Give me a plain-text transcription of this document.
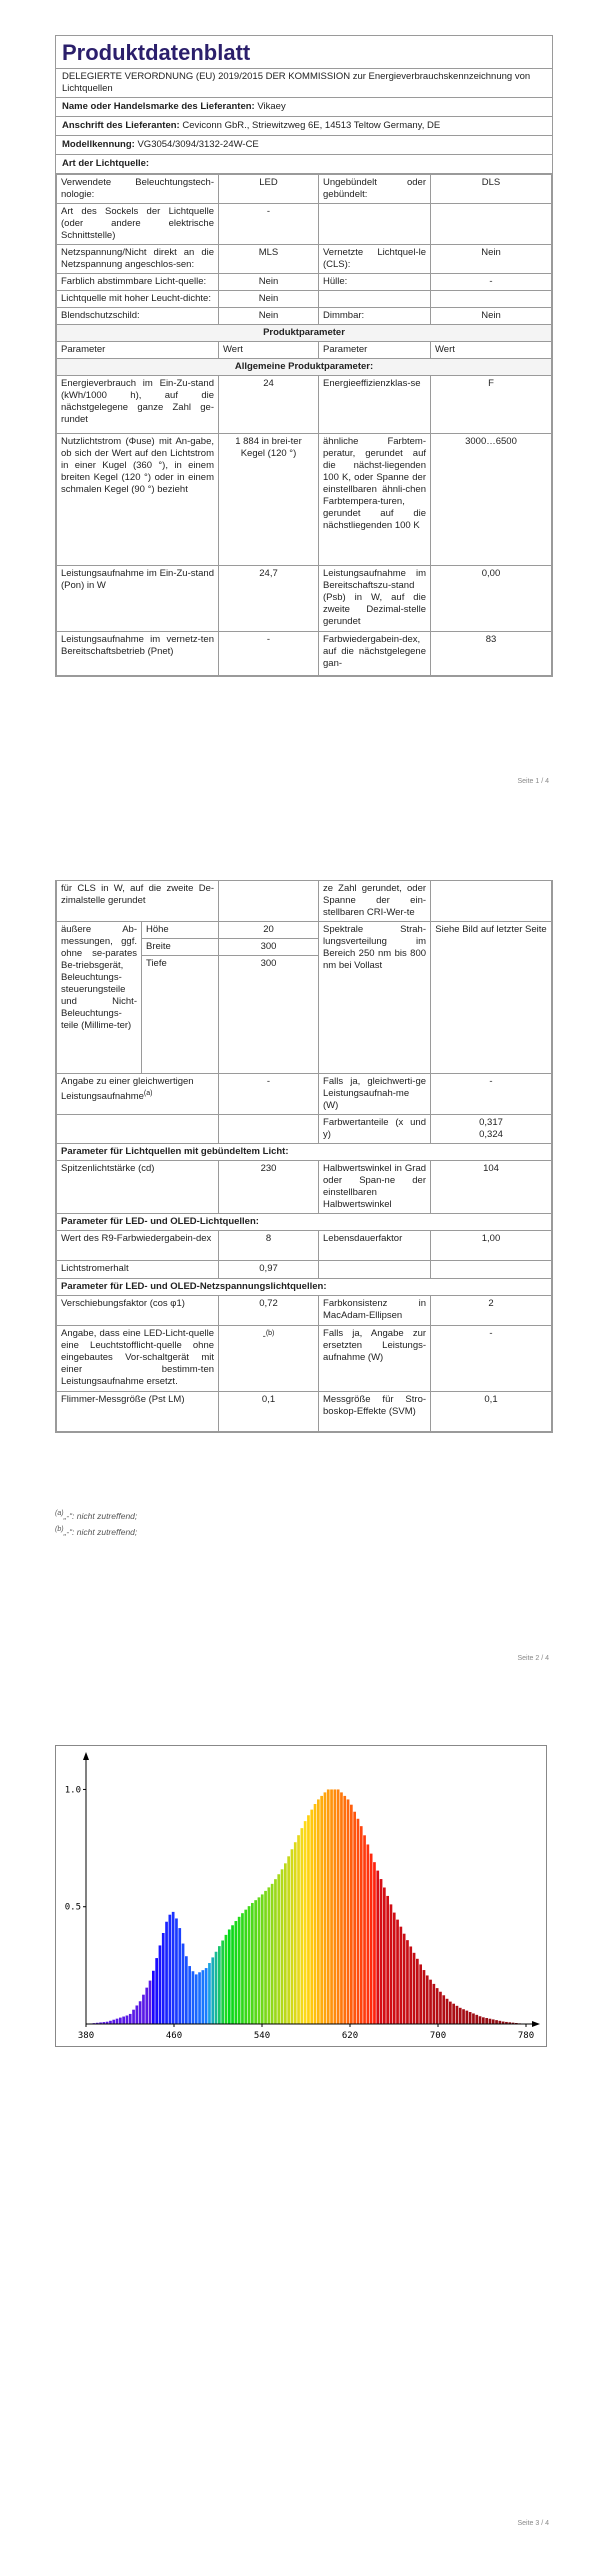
Produktdatenblatt
DELEGIERTE VERORDNUNG (EU) 2019/2015 DER KOMMISSION zur Energieverbrauchskennzeichnung von Lichtquellen
Name oder Handelsmarke des Lieferanten: Vikaey
Anschrift des Lieferanten: Ceviconn GbR., Striewitzweg 6E, 14513 Teltow Germany, DE
Modellkennung: VG3054/3094/3132-24W-CE
Art der Lichtquelle:
Verwendete Beleuchtungstech-nologie:	LED	Ungebündelt oder gebündelt:	DLS
Art des Sockels der Lichtquelle (oder andere elektrische Schnittstelle)	-		
Netzspannung/Nicht direkt an die Netzspannung angeschlos-sen:	MLS	Vernetzte Lichtquel-le (CLS):	Nein
Farblich abstimmbare Licht-quelle:	Nein	Hülle:	-
Lichtquelle mit hoher Leucht-dichte:	Nein		
Blendschutzschild:	Nein	Dimmbar:	Nein
Produktparameter			
Parameter	Wert	Parameter	Wert
Allgemeine Produktparameter:			
Energieverbrauch im Ein-Zu-stand (kWh/1000 h), auf die nächstgelegene ganze Zahl ge-rundet	24	Energieeffizienzklas-se	F
Nutzlichtstrom (Φuse) mit An-gabe, ob sich der Wert auf den Lichtstrom in einer Kugel (360 °), in einem breiten Kegel (120 °) oder in einem schmalen Kegel (90 °) bezieht	1 884 in brei-ter Kegel (120 °)	ähnliche Farbtem-peratur, gerundet auf die nächst-liegenden 100 K, oder Spanne der einstellbaren ähnli-chen Farbtempera-turen, gerundet auf die nächstliegenden 100 K	3000…6500
Leistungsaufnahme im Ein-Zu-stand (Pon) in W	24,7	Leistungsaufnahme im Bereitschaftszu-stand (Psb) in W, auf die zweite Dezimal-stelle gerundet	0,00
Leistungsaufnahme im vernetz-ten Bereitschaftsbetrieb (Pnet)	-	Farbwiedergabein-dex, auf die nächstgelegene gan-	83
Seite 1 / 4
für CLS in W, auf die zweite De-zimalstelle gerundet			ze Zahl gerundet, oder Spanne der ein-stellbaren CRI-Wer-te	
äußere Ab-messungen, ggf. ohne se-parates Be-triebsgerät, Beleuchtungs-steuerungsteile und Nicht-Beleuchtungs-teile (Millime-ter)	Höhe	20	Spektrale Strah-lungsverteilung im Bereich 250 nm bis 800 nm bei Vollast	Siehe Bild auf letzter Seite
	Breite	300		
	Tiefe	300		
Angabe zu einer gleichwertigen Leistungsaufnahme$^{(a)}$		-	Falls ja, gleichwerti-ge Leistungsaufnah-me (W)	-
			Farbwertanteile (x und y)	0,317
0,324

Parameter für Lichtquellen mit gebündeltem Licht:				
Spitzenlichtstärke (cd)		230	Halbwertswinkel in Grad oder Span-ne der einstellbaren Halbwertswinkel	104
Parameter für LED- und OLED-Lichtquellen:				
Wert des R9-Farbwiedergabein-dex		8	Lebensdauerfaktor	1,00
Lichtstromerhalt		0,97		
Parameter für LED- und OLED-Netzspannungslichtquellen:				
Verschiebungsfaktor (cos φ1)		0,72	Farbkonsistenz in MacAdam-Ellipsen	2
Angabe, dass eine LED-Licht-quelle eine Leuchtstofflicht-quelle ohne eingebautes Vor-schaltgerät mit einer bestimm-ten Leistungsaufnahme ersetzt.		-$^{(b)}$	Falls ja, Angabe zur ersetzten Leistungs-aufnahme (W)	-
Flimmer-Messgröße (Pst LM)		0,1	Messgröße für Stro-boskop-Effekte (SVM)	0,1
$^{(a)}$„-“: nicht zutreffend;
$^{(b)}$„-“: nicht zutreffend;
Seite 2 / 4
380	460	540	620	700	780
0.5
1.0
Seite 3 / 4
